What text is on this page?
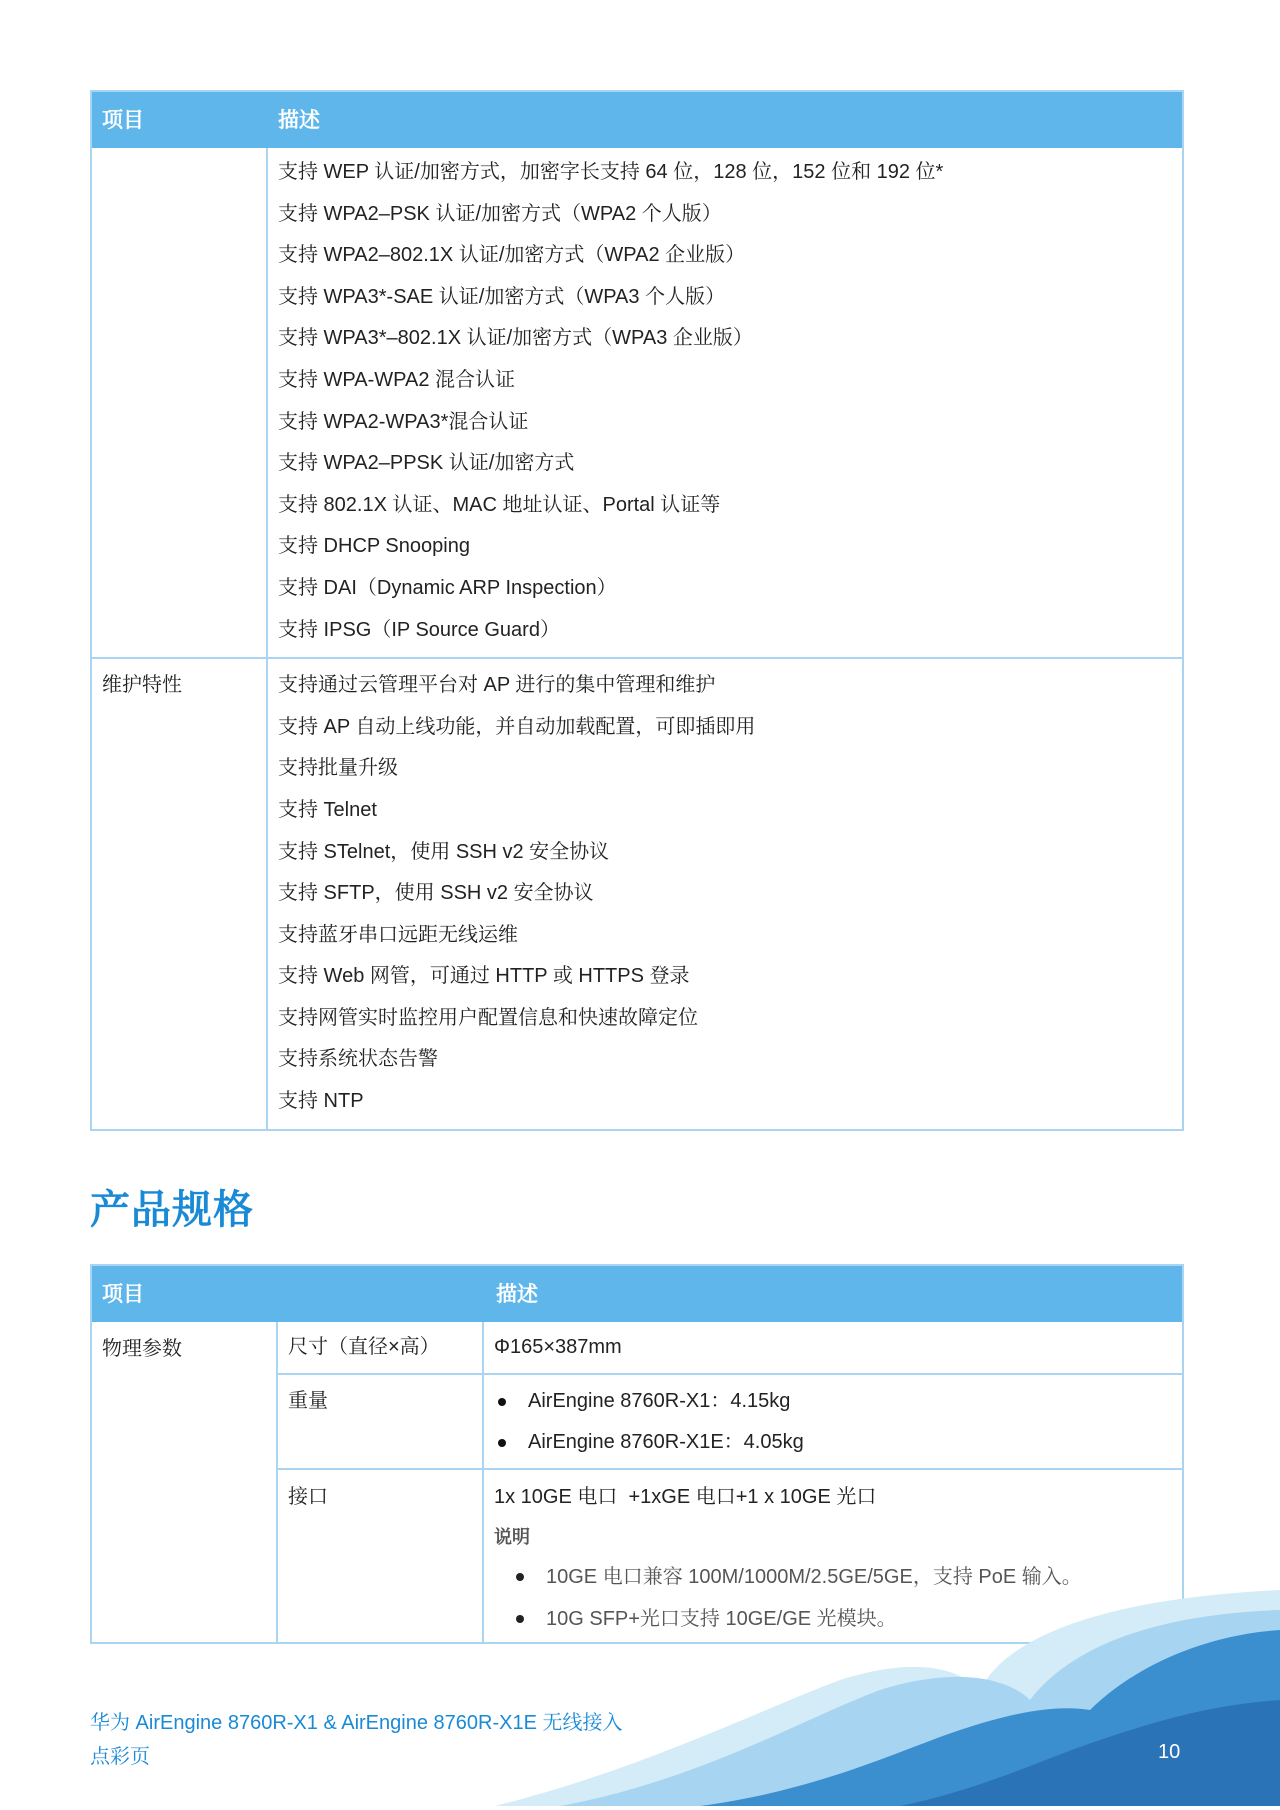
项目	描述
支持 WEP 认证/加密方式，加密字长支持 64 位，128 位，152 位和 192 位*
支持 WPA2–PSK 认证/加密方式（WPA2 个人版）
支持 WPA2–802.1X 认证/加密方式（WPA2 企业版）
支持 WPA3*-SAE 认证/加密方式（WPA3 个人版）
支持 WPA3*–802.1X 认证/加密方式（WPA3 企业版）
支持 WPA-WPA2 混合认证
支持 WPA2-WPA3*混合认证
支持 WPA2–PPSK 认证/加密方式
支持 802.1X 认证、MAC 地址认证、Portal 认证等
支持 DHCP Snooping
支持 DAI（Dynamic ARP Inspection）
支持 IPSG（IP Source Guard）
维护特性	支持通过云管理平台对 AP 进行的集中管理和维护
支持 AP 自动上线功能，并自动加载配置，可即插即用
支持批量升级
支持 Telnet
支持 STelnet，使用 SSH v2 安全协议
支持 SFTP，使用 SSH v2 安全协议
支持蓝牙串口远距无线运维
支持 Web 网管，可通过 HTTP 或 HTTPS 登录
支持网管实时监控用户配置信息和快速故障定位
支持系统状态告警
支持 NTP
产品规格
项目	描述
物理参数	尺寸（直径×高）	Φ165×387mm
重量	AirEngine 8760R-X1：4.15kg
AirEngine 8760R-X1E：4.05kg
接口	1x 10GE 电口  +1xGE 电口+1 x 10GE 光口
说明
10GE 电口兼容 100M/1000M/2.5GE/5GE，支持 PoE 输入。
10G SFP+光口支持 10GE/GE 光模块。
华为 AirEngine 8760R-X1 & AirEngine 8760R-X1E 无线接入
点彩页	10
